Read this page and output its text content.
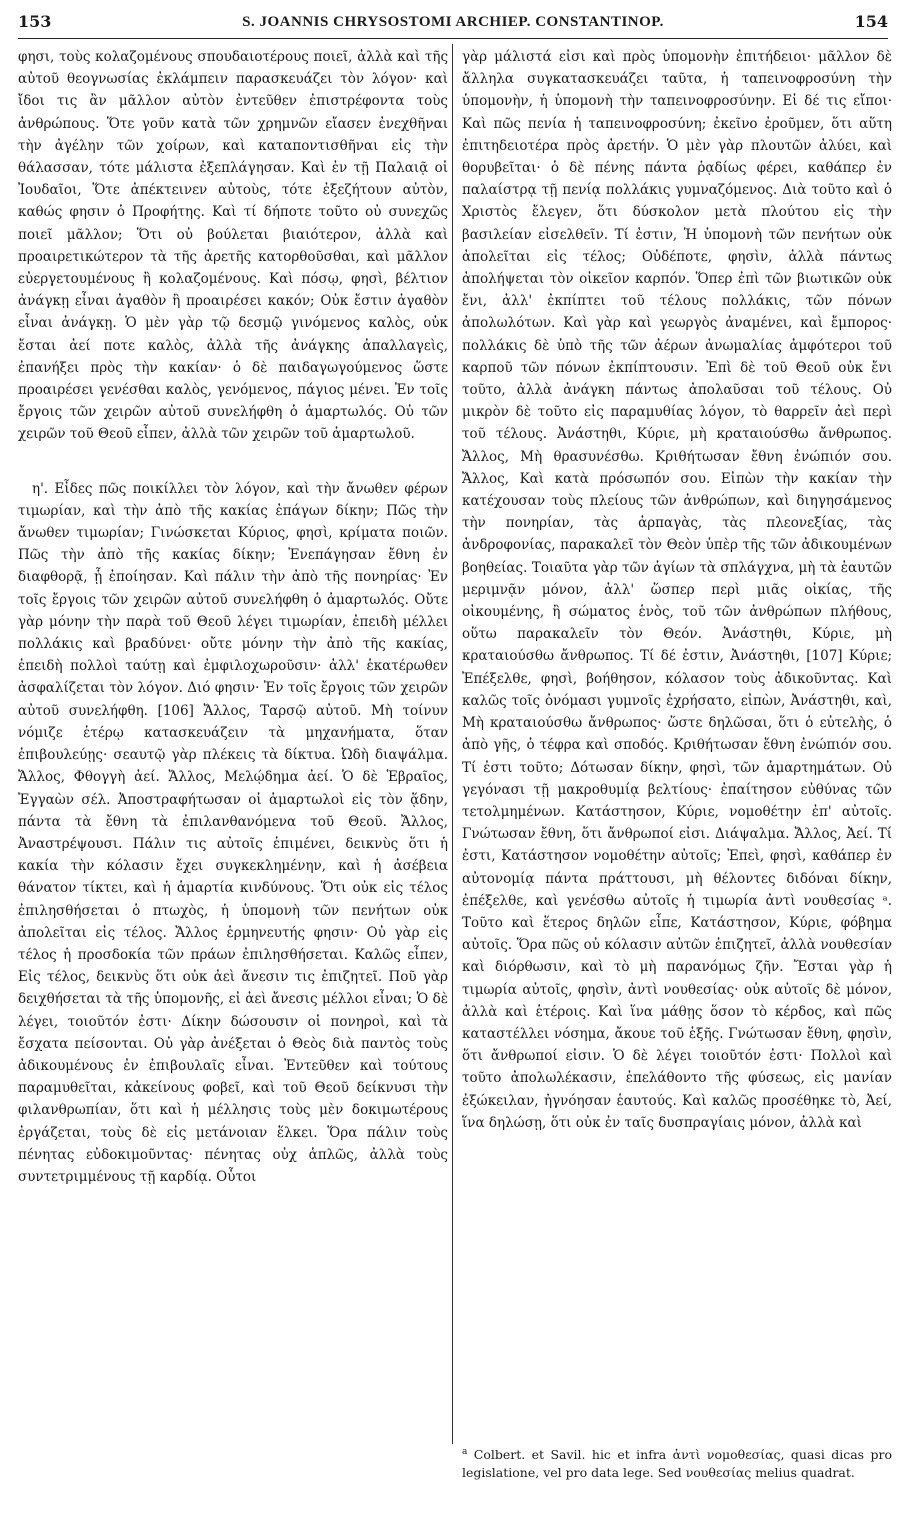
153	S. JOANNIS CHRYSOSTOMI ARCHIEP. CONSTANTINOP.	154

φησι, τοὺς κολαζομένους σπουδαιοτέρους ποιεῖ, ἀλλὰ καὶ τῆς αὐτοῦ θεογνωσίας ἐκλάμπειν παρασκευάζει τὸν λόγον· καὶ ἴδοι τις ἂν μᾶλλον αὐτὸν ἐντεῦθεν ἐπιστρέφοντα τοὺς ἀνθρώπους. Ὅτε γοῦν κατὰ τῶν χρημνῶν εἴασεν ἐνεχθῆναι τὴν ἀγέλην τῶν χοίρων, καὶ καταποντισθῆναι εἰς τὴν θάλασσαν, τότε μάλιστα ἐξεπλάγησαν. Καὶ ἐν τῇ Παλαιᾷ οἱ Ἰουδαῖοι, Ὅτε ἀπέκτεινεν αὐτοὺς, τότε ἐξεζήτουν αὐτὸν, καθώς φησιν ὁ Προφήτης. Καὶ τί δήποτε τοῦτο οὐ συνεχῶς ποιεῖ μᾶλλον; Ὅτι οὐ βούλεται βιαιότερον, ἀλλὰ καὶ προαιρετικώτερον τὰ τῆς ἀρετῆς κατορθοῦσθαι, καὶ μᾶλλον εὐεργετουμένους ἢ κολαζομένους. Καὶ πόσῳ, φησὶ, βέλτιον ἀνάγκῃ εἶναι ἀγαθὸν ἢ προαιρέσει κακόν; Οὐκ ἔστιν ἀγαθὸν εἶναι ἀνάγκῃ. Ὁ μὲν γὰρ τῷ δεσμῷ γινόμενος καλὸς, οὐκ ἔσται ἀεί ποτε καλὸς, ἀλλὰ τῆς ἀνάγκης ἀπαλλαγεὶς, ἐπανήξει πρὸς τὴν κακίαν· ὁ δὲ παιδαγωγούμενος ὥστε προαιρέσει γενέσθαι καλὸς, γενόμενος, πάγιος μένει. Ἐν τοῖς ἔργοις τῶν χειρῶν αὐτοῦ συνελήφθη ὁ ἁμαρτωλός. Οὐ τῶν χειρῶν τοῦ Θεοῦ εἶπεν, ἀλλὰ τῶν χειρῶν τοῦ ἁμαρτωλοῦ.

η'. Εἶδες πῶς ποικίλλει τὸν λόγον, καὶ τὴν ἄνωθεν φέρων τιμωρίαν, καὶ τὴν ἀπὸ τῆς κακίας ἐπάγων δίκην; Πῶς τὴν ἄνωθεν τιμωρίαν; Γινώσκεται Κύριος, φησὶ, κρίματα ποιῶν. Πῶς τὴν ἀπὸ τῆς κακίας δίκην; Ἐνεπάγησαν ἔθνη ἐν διαφθορᾷ, ᾗ ἐποίησαν. Καὶ πάλιν τὴν ἀπὸ τῆς πονηρίας· Ἐν τοῖς ἔργοις τῶν χειρῶν αὐτοῦ συνελήφθη ὁ ἁμαρτωλός. Οὔτε γὰρ μόνην τὴν παρὰ τοῦ Θεοῦ λέγει τιμωρίαν, ἐπειδὴ μέλλει πολλάκις καὶ βραδύνει· οὔτε μόνην τὴν ἀπὸ τῆς κακίας, ἐπειδὴ πολλοὶ ταύτῃ καὶ ἐμφιλοχωροῦσιν· ἀλλ' ἑκατέρωθεν ἀσφαλίζεται τὸν λόγον. Διό φησιν· Ἐν τοῖς ἔργοις τῶν χειρῶν αὐτοῦ συνελήφθη. [106] Ἄλλος, Ταρσῷ αὐτοῦ. Μὴ τοίνυν νόμιζε ἑτέρῳ κατασκευάζειν τὰ μηχανήματα, ὅταν ἐπιβουλεύῃς· σεαυτῷ γὰρ πλέκεις τὰ δίκτυα. Ὠδὴ διαψάλμα. Ἄλλος, Φθογγὴ ἀεί. Ἄλλος, Μελῴδημα ἀεί. Ὁ δὲ Ἑβραῖος, Ἐγγαὼν σέλ. Ἀποστραφήτωσαν οἱ ἁμαρτωλοὶ εἰς τὸν ᾅδην, πάντα τὰ ἔθνη τὰ ἐπιλανθανόμενα τοῦ Θεοῦ. Ἄλλος, Ἀναστρέψουσι. Πάλιν τις αὐτοῖς ἐπιμένει, δεικνὺς ὅτι ἡ κακία τὴν κόλασιν ἔχει συγκεκλημένην, καὶ ἡ ἀσέβεια θάνατον τίκτει, καὶ ἡ ἁμαρτία κινδύνους. Ὅτι οὐκ εἰς τέλος ἐπιλησθήσεται ὁ πτωχὸς, ἡ ὑπομονὴ τῶν πενήτων οὐκ ἀπολεῖται εἰς τέλος. Ἄλλος ἑρμηνευτής φησιν· Οὐ γὰρ εἰς τέλος ἡ προσδοκία τῶν πράων ἐπιλησθήσεται. Καλῶς εἶπεν, Εἰς τέλος, δεικνὺς ὅτι οὐκ ἀεὶ ἄνεσιν τις ἐπιζητεῖ. Ποῦ γὰρ δειχθήσεται τὰ τῆς ὑπομονῆς, εἰ ἀεὶ ἄνεσις μέλλοι εἶναι; Ὁ δὲ λέγει, τοιοῦτόν ἐστι· Δίκην δώσουσιν οἱ πονηροὶ, καὶ τὰ ἔσχατα πείσονται. Οὐ γὰρ ἀνέξεται ὁ Θεὸς διὰ παντὸς τοὺς ἀδικουμένους ἐν ἐπιβουλαῖς εἶναι. Ἐντεῦθεν καὶ τούτους παραμυθεῖται, κἀκείνους φοβεῖ, καὶ τοῦ Θεοῦ δείκνυσι τὴν φιλανθρωπίαν, ὅτι καὶ ἡ μέλλησις τοὺς μὲν δοκιμωτέρους ἐργάζεται, τοὺς δὲ εἰς μετάνοιαν ἕλκει. Ὅρα πάλιν τοὺς πένητας εὐδοκιμοῦντας· πένητας οὐχ ἁπλῶς, ἀλλὰ τοὺς συντετριμμένους τῇ καρδίᾳ. Οὗτοι

γὰρ μάλιστά εἰσι καὶ πρὸς ὑπομονὴν ἐπιτήδειοι· μᾶλλον δὲ ἄλληλα συγκατασκευάζει ταῦτα, ἡ ταπεινοφροσύνη τὴν ὑπομονὴν, ἡ ὑπομονὴ τὴν ταπεινοφροσύνην. Εἰ δέ τις εἴποι· Καὶ πῶς πενία ἡ ταπεινοφροσύνη; ἐκεῖνο ἐροῦμεν, ὅτι αὕτη ἐπιτηδειοτέρα πρὸς ἀρετήν. Ὁ μὲν γὰρ πλουτῶν ἀλύει, καὶ θορυβεῖται· ὁ δὲ πένης πάντα ῥᾳδίως φέρει, καθάπερ ἐν παλαίστρᾳ τῇ πενίᾳ πολλάκις γυμναζόμενος. Διὰ τοῦτο καὶ ὁ Χριστὸς ἔλεγεν, ὅτι δύσκολον μετὰ πλούτου εἰς τὴν βασιλείαν εἰσελθεῖν. Τί ἐστιν, Ἡ ὑπομονὴ τῶν πενήτων οὐκ ἀπολεῖται εἰς τέλος; Οὐδέποτε, φησὶν, ἀλλὰ πάντως ἀπολήψεται τὸν οἰκεῖον καρπόν. Ὅπερ ἐπὶ τῶν βιωτικῶν οὐκ ἔνι, ἀλλ' ἐκπίπτει τοῦ τέλους πολλάκις, τῶν πόνων ἀπολωλότων. Καὶ γὰρ καὶ γεωργὸς ἀναμένει, καὶ ἔμπορος· πολλάκις δὲ ὑπὸ τῆς τῶν ἀέρων ἀνωμαλίας ἀμφότεροι τοῦ καρποῦ τῶν πόνων ἐκπίπτουσιν. Ἐπὶ δὲ τοῦ Θεοῦ οὐκ ἔνι τοῦτο, ἀλλὰ ἀνάγκη πάντως ἀπολαῦσαι τοῦ τέλους. Οὐ μικρὸν δὲ τοῦτο εἰς παραμυθίας λόγον, τὸ θαρρεῖν ἀεὶ περὶ τοῦ τέλους. Ἀνάστηθι, Κύριε, μὴ κραταιούσθω ἄνθρωπος. Ἄλλος, Μὴ θρασυνέσθω. Κριθήτωσαν ἔθνη ἐνώπιόν σου. Ἄλλος, Καὶ κατὰ πρόσωπόν σου. Εἰπὼν τὴν κακίαν τὴν κατέχουσαν τοὺς πλείους τῶν ἀνθρώπων, καὶ διηγησάμενος τὴν πονηρίαν, τὰς ἁρπαγὰς, τὰς πλεονεξίας, τὰς ἀνδροφονίας, παρακαλεῖ τὸν Θεὸν ὑπὲρ τῆς τῶν ἀδικουμένων βοηθείας. Τοιαῦτα γὰρ τῶν ἁγίων τὰ σπλάγχνα, μὴ τὰ ἑαυτῶν μεριμνᾷν μόνον, ἀλλ' ὥσπερ περὶ μιᾶς οἰκίας, τῆς οἰκουμένης, ἢ σώματος ἑνὸς, τοῦ τῶν ἀνθρώπων πλήθους, οὕτω παρακαλεῖν τὸν Θεόν. Ἀνάστηθι, Κύριε, μὴ κραταιούσθω ἄνθρωπος. Τί δέ ἐστιν, Ἀνάστηθι, [107] Κύριε; Ἐπέξελθε, φησὶ, βοήθησον, κόλασον τοὺς ἀδικοῦντας. Καὶ καλῶς τοῖς ὀνόμασι γυμνοῖς ἐχρήσατο, εἰπὼν, Ἀνάστηθι, καὶ, Μὴ κραταιούσθω ἄνθρωπος· ὥστε δηλῶσαι, ὅτι ὁ εὐτελὴς, ὁ ἀπὸ γῆς, ὁ τέφρα καὶ σποδός. Κριθήτωσαν ἔθνη ἐνώπιόν σου. Τί ἐστι τοῦτο; Δότωσαν δίκην, φησὶ, τῶν ἁμαρτημάτων. Οὐ γεγόνασι τῇ μακροθυμίᾳ βελτίους· ἐπαίτησον εὐθύνας τῶν τετολμημένων. Κατάστησον, Κύριε, νομοθέτην ἐπ' αὐτοῖς. Γνώτωσαν ἔθνη, ὅτι ἄνθρωποί εἰσι. Διάψαλμα. Ἄλλος, Ἀεί. Τί ἐστι, Κατάστησον νομοθέτην αὐτοῖς; Ἐπεὶ, φησὶ, καθάπερ ἐν αὐτονομίᾳ πάντα πράττουσι, μὴ θέλοντες διδόναι δίκην, ἐπέξελθε, καὶ γενέσθω αὐτοῖς ἡ τιμωρία ἀντὶ νουθεσίας ᵃ. Τοῦτο καὶ ἕτερος δηλῶν εἶπε, Κατάστησον, Κύριε, φόβημα αὐτοῖς. Ὅρα πῶς οὐ κόλασιν αὐτῶν ἐπιζητεῖ, ἀλλὰ νουθεσίαν καὶ διόρθωσιν, καὶ τὸ μὴ παρανόμως ζῆν. Ἔσται γὰρ ἡ τιμωρία αὐτοῖς, φησὶν, ἀντὶ νουθεσίας· οὐκ αὐτοῖς δὲ μόνον, ἀλλὰ καὶ ἑτέροις. Καὶ ἵνα μάθῃς ὅσον τὸ κέρδος, καὶ πῶς καταστέλλει νόσημα, ἄκουε τοῦ ἑξῆς. Γνώτωσαν ἔθνη, φησὶν, ὅτι ἄνθρωποί εἰσιν. Ὁ δὲ λέγει τοιοῦτόν ἐστι· Πολλοὶ καὶ τοῦτο ἀπολωλέκασιν, ἐπελάθοντο τῆς φύσεως, εἰς μανίαν ἐξώκειλαν, ἠγνόησαν ἑαυτούς. Καὶ καλῶς προσέθηκε τὸ, Ἀεί, ἵνα δηλώσῃ, ὅτι οὐκ ἐν ταῖς δυσπραγίαις μόνον, ἀλλὰ καὶ

$^a$ Colbert. et Savil. hic et infra ἀντὶ νομοθεσίας, quasi dicas pro legislatione, vel pro data lege. Sed νουθεσίας melius quadrat.
